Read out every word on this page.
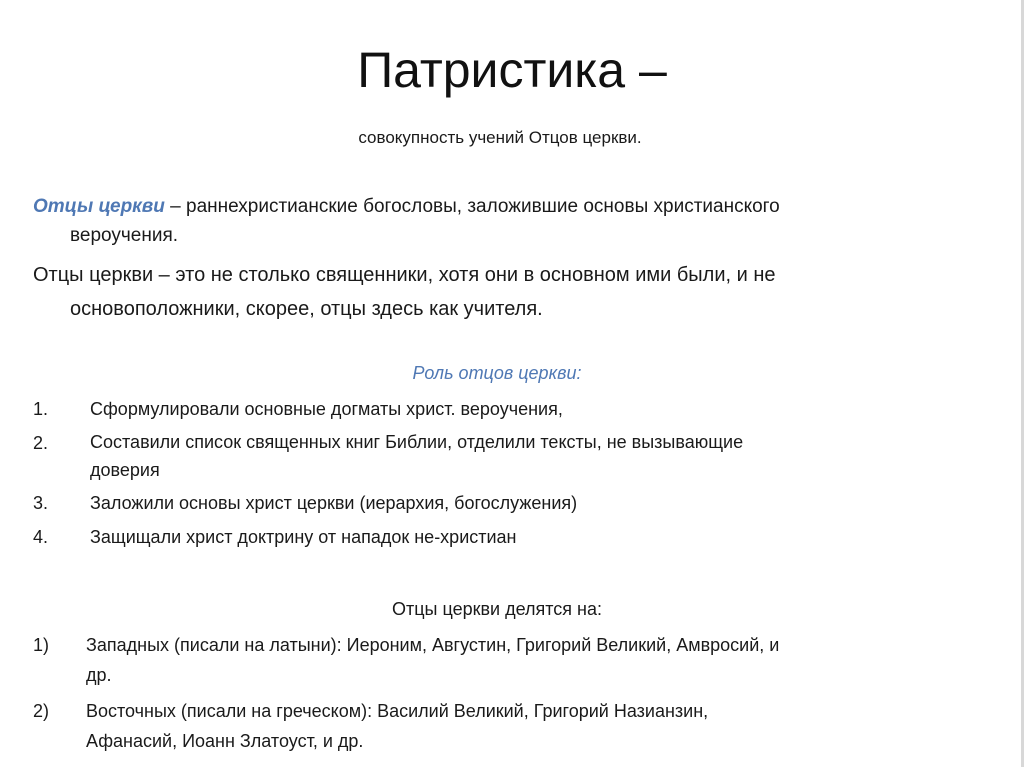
Патристика –
совокупность учений Отцов церкви.
Отцы церкви – раннехристианские богословы, заложившие основы христианского
вероучения.
Отцы церкви – это не столько священники, хотя они в основном ими были, и не
основоположники, скорее, отцы здесь как учителя.
Роль отцов церкви:
1.	Сформулировали основные догматы христ. вероучения,
2.	Составили список священных книг Библии, отделили тексты, не вызывающие
доверия
3.	Заложили основы христ церкви (иерархия, богослужения)
4.	Защищали христ доктрину от нападок не-христиан
Отцы церкви делятся на:
1)	Западных (писали на латыни): Иероним, Августин, Григорий Великий, Амвросий, и
др.
2)	Восточных (писали на греческом): Василий Великий, Григорий Назианзин,
Афанасий, Иоанн Златоуст, и др.
